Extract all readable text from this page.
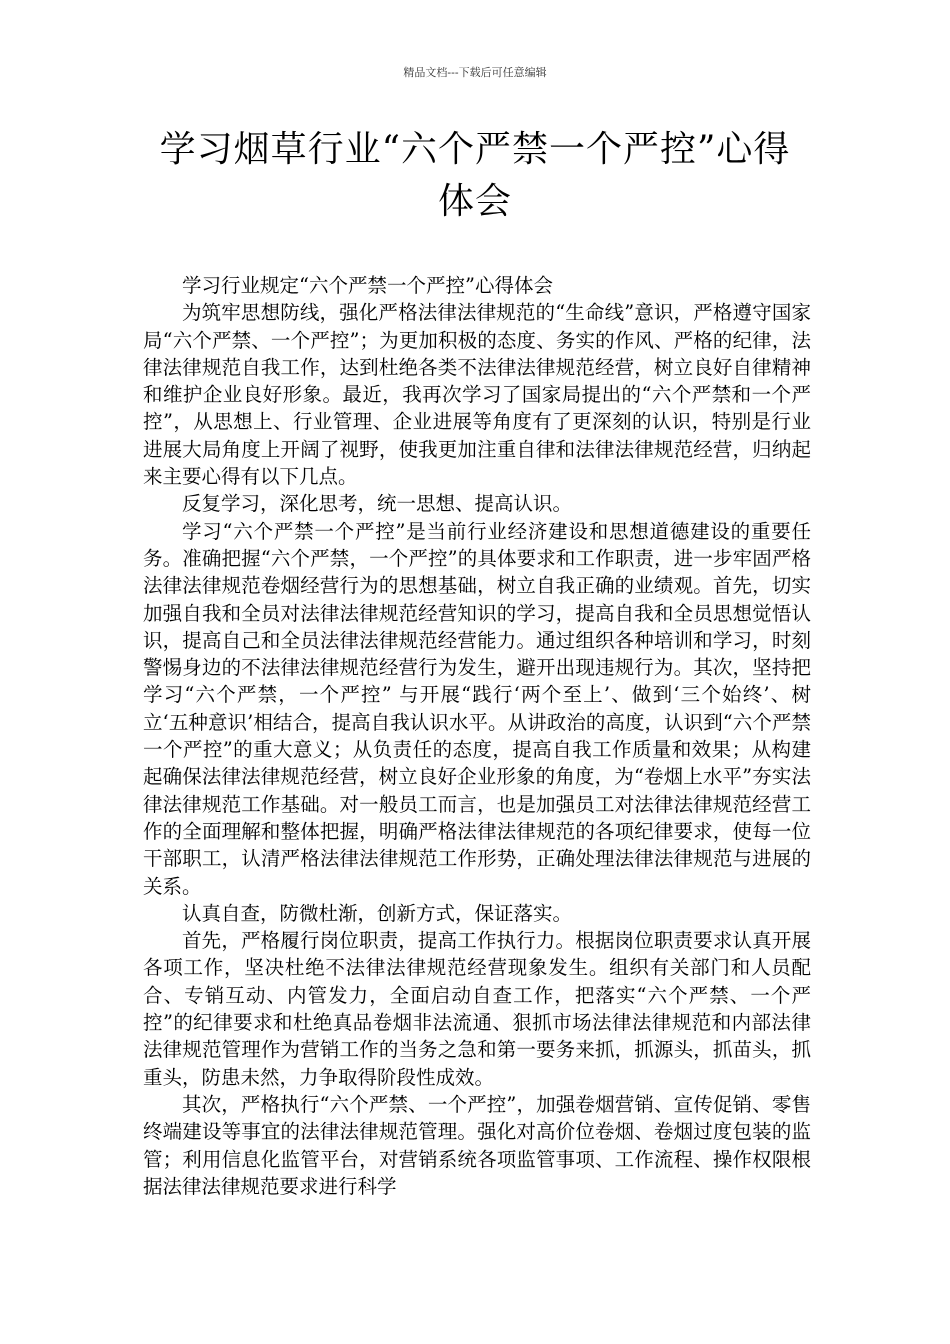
精品文档---下载后可任意编辑
学习烟草行业“六个严禁一个严控”心得体会

学习行业规定“六个严禁一个严控”心得体会

为筑牢思想防线，强化严格法律法律规范的“生命线”意识，严格遵守国家局“六个严禁、一个严控”；为更加积极的态度、务实的作风、严格的纪律，法律法律规范自我工作，达到杜绝各类不法律法律规范经营，树立良好自律精神和维护企业良好形象。最近，我再次学习了国家局提出的“六个严禁和一个严控”，从思想上、行业管理、企业进展等角度有了更深刻的认识，特别是行业进展大局角度上开阔了视野，使我更加注重自律和法律法律规范经营，归纳起来主要心得有以下几点。

反复学习，深化思考，统一思想、提高认识。

学习“六个严禁一个严控”是当前行业经济建设和思想道德建设的重要任务。准确把握“六个严禁，一个严控”的具体要求和工作职责，进一步牢固严格法律法律规范卷烟经营行为的思想基础，树立自我正确的业绩观。首先，切实加强自我和全员对法律法律规范经营知识的学习，提高自我和全员思想觉悟认识，提高自己和全员法律法律规范经营能力。通过组织各种培训和学习，时刻警惕身边的不法律法律规范经营行为发生，避开出现违规行为。其次，坚持把学习“六个严禁，一个严控” 与开展“践行‘两个至上’、做到‘三个始终’、树立‘五种意识’相结合，提高自我认识水平。从讲政治的高度，认识到“六个严禁一个严控”的重大意义；从负责任的态度，提高自我工作质量和效果；从构建起确保法律法律规范经营，树立良好企业形象的角度，为“卷烟上水平”夯实法律法律规范工作基础。对一般员工而言，也是加强员工对法律法律规范经营工作的全面理解和整体把握，明确严格法律法律规范的各项纪律要求，使每一位干部职工，认清严格法律法律规范工作形势，正确处理法律法律规范与进展的关系。

认真自查，防微杜渐，创新方式，保证落实。

首先，严格履行岗位职责，提高工作执行力。根据岗位职责要求认真开展各项工作，坚决杜绝不法律法律规范经营现象发生。组织有关部门和人员配合、专销互动、内管发力，全面启动自查工作，把落实“六个严禁、一个严控”的纪律要求和杜绝真品卷烟非法流通、狠抓市场法律法律规范和内部法律法律规范管理作为营销工作的当务之急和第一要务来抓，抓源头，抓苗头，抓重头，防患未然，力争取得阶段性成效。

其次，严格执行“六个严禁、一个严控”，加强卷烟营销、宣传促销、零售终端建设等事宜的法律法律规范管理。强化对高价位卷烟、卷烟过度包装的监管；利用信息化监管平台，对营销系统各项监管事项、工作流程、操作权限根据法律法律规范要求进行科学
